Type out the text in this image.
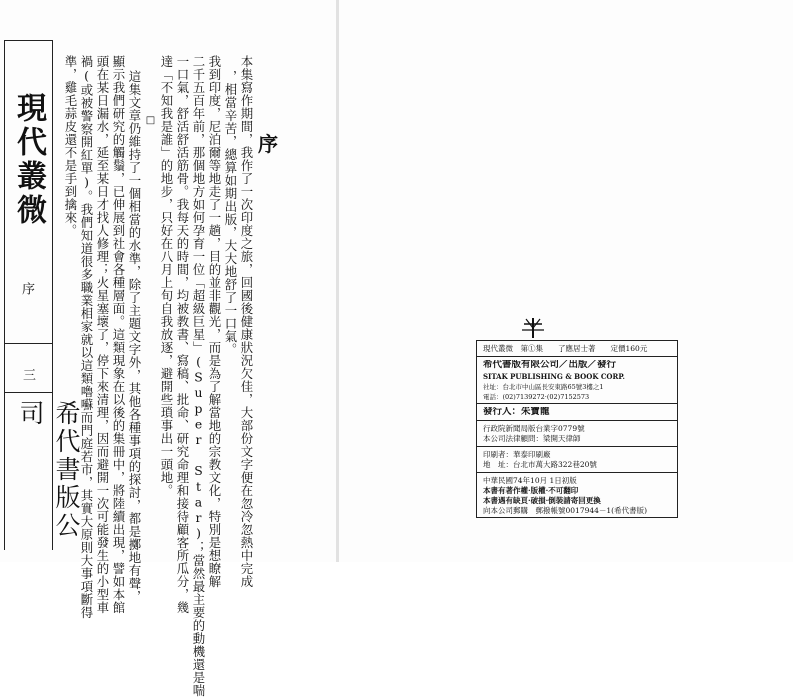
現代叢微
序
三
希代書版公司
序
本集寫作期間，我作了一次印度之旅，回國後健康狀況欠佳，大部份文字便在忽冷忽熱中完成
，相當辛苦，總算如期出版，大大地舒了一口氣。
我到印度，尼泊爾等地走了一趟，目的並非觀光，而是為了解當地的宗教文化，特別是想瞭解
二千五百年前，那個地方如何孕育一位「超級巨星」(Super Star)；當然最主要的動機還是喘
一口氣，舒活舒活筋骨。我每天的時間，均被教書、寫稿、批命、研究命理和接待顧客所瓜分，幾
達「不知我是誰」的地步，只好在八月上旬自我放逐，避開些瑣事出一頭地。
□
這集文章仍維持了一個相當的水準，除了主題文字外，其他各種事項的探討，都是擲地有聲，
顯示我們研究的觸鬚，已伸展到社會各種層面。這類現象在以後的集冊中，將陸續出現，譬如本館
頭在某日漏水，延至某日才找人修理；火星塞壞了，停下來清理，因而避開一次可能發生的小型車
禍(或被警察開紅單)。我們知道很多職業相家就以這類嚕囌而門庭若市，其實大原則大事項斷得
準，雞毛蒜皮還不是手到擒來。
現代叢微　第①集　　了應居士著　　定價160元
希代書版有限公司／出版／發行
SITAK PUBLISHING & BOOK CORP.
社址：台北市中山區長安東路65號3樓之1
電話：(02)7139272·(02)7152573
發行人：朱寶龍
行政院新聞局版台業字0779號
本公司法律顧問：梁開天律師
印刷者：華泰印刷廠
地　址：台北市萬大路322巷20號
中華民國74年10月 1日初版
本書有著作權·版權·不可翻印
本書遇有缺頁·破損·倒裝請寄回更換
向本公司郵購　郵撥帳號0017944－1(希代書版)
